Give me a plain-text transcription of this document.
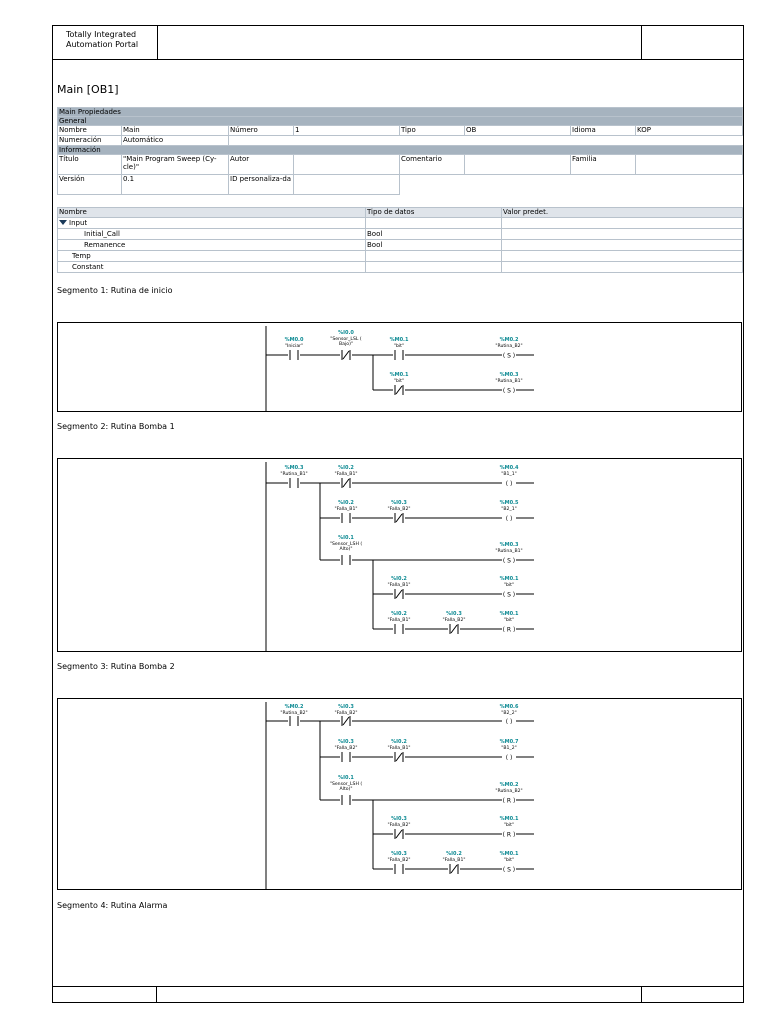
Totally Integrated
Automation Portal
Main [OB1]
Main Propiedades							
General							
Nombre	Main	Número	1	Tipo	OB	Idioma	KOP
Numeración	Automático						
Información							
Título	"Main Program Sweep (Cy-cle)"	Autor		Comentario		Familia	
Versión	0.1	ID personaliza-da					
Nombre	Tipo de datos	Valor predet.
Input		
Initial_Call	Bool	
Remanence	Bool	
Temp		
Constant		
Segmento 1: Rutina de inicio
%M0.0
"Iniciar"
%I0.0
"Sensor_LSL (
Bajo)"
%M0.1
"bit"
( S )
%M0.2
"Rutina_B2"
%M0.1
"bit"
( S )
%M0.3
"Rutina_B1"
Segmento 2: Rutina Bomba 1
%M0.3
"Rutina_B1"
%I0.2
"Falla_B1"
( )
%M0.4
"B1_1"
%I0.2
"Falla_B1"
%I0.3
"Falla_B2"
( )
%M0.5
"B2_1"
%I0.1
"Sensor_LSH (
Alto)"
( S )
%M0.3
"Rutina_B1"
%I0.2
"Falla_B1"
( S )
%M0.1
"bit"
%I0.2
"Falla_B1"
%I0.3
"Falla_B2"
( R )
%M0.1
"bit"
Segmento 3: Rutina Bomba 2
%M0.2
"Rutina_B2"
%I0.3
"Falla_B2"
( )
%M0.6
"B2_2"
%I0.3
"Falla_B2"
%I0.2
"Falla_B1"
( )
%M0.7
"B1_2"
%I0.1
"Sensor_LSH (
Alto)"
( R )
%M0.2
"Rutina_B2"
%I0.3
"Falla_B2"
( R )
%M0.1
"bit"
%I0.3
"Falla_B2"
%I0.2
"Falla_B1"
( S )
%M0.1
"bit"
Segmento 4: Rutina Alarma
